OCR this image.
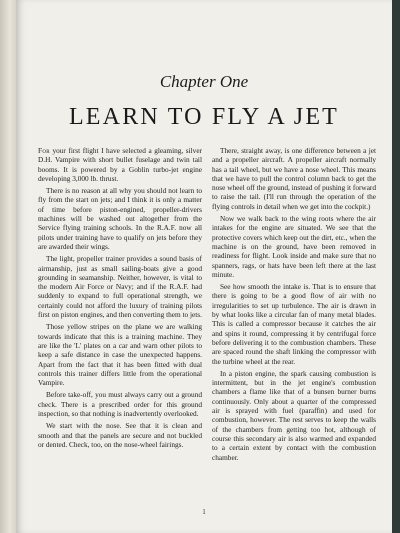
Chapter One
LEARN TO FLY A JET

For your first flight I have selected a gleaming, silver D.H. Vampire with short bullet fuselage and twin tail booms. It is powered by a Goblin turbo-jet engine developing 3,000 lb. thrust.

There is no reason at all why you should not learn to fly from the start on jets; and I think it is only a matter of time before piston-engined, propeller-drivers machines will be washed out altogether from the Service flying training schools. In the R.A.F. now all pilots under training have to qualify on jets before they are awarded their wings.

The light, propeller trainer provides a sound basis of airmanship, just as small sailing-boats give a good grounding in seamanship. Neither, however, is vital to the modern Air Force or Navy; and if the R.A.F. had suddenly to expand to full operational strength, we certainly could not afford the luxury of training pilots first on piston engines, and then converting them to jets.

Those yellow stripes on the plane we are walking towards indicate that this is a training machine. They are like the 'L' plates on a car and warn other pilots to keep a safe distance in case the unexpected happens. Apart from the fact that it has been fitted with dual controls this trainer differs little from the operational Vampire.

Before take-off, you must always carry out a ground check. There is a prescribed order for this ground inspection, so that nothing is inadvertently overlooked.

We start with the nose. See that it is clean and smooth and that the panels are secure and not buckled or dented. Check, too, on the nose-wheel fairings.

There, straight away, is one difference between a jet and a propeller aircraft. A propeller aircraft normally has a tail wheel, but we have a nose wheel. This means that we have to pull the control column back to get the nose wheel off the ground, instead of pushing it forward to raise the tail. (I'll run through the operation of the flying controls in detail when we get into the cockpit.)

Now we walk back to the wing roots where the air intakes for the engine are situated. We see that the protective covers which keep out the dirt, etc., when the machine is on the ground, have been removed in readiness for flight. Look inside and make sure that no spanners, rags, or hats have been left there at the last minute.

See how smooth the intake is. That is to ensure that there is going to be a good flow of air with no irregularities to set up turbulence. The air is drawn in by what looks like a circular fan of many metal blades. This is called a compressor because it catches the air and spins it round, compressing it by centrifugal force before delivering it to the combustion chambers. These are spaced round the shaft linking the compressor with the turbine wheel at the rear.

In a piston engine, the spark causing combustion is intermittent, but in the jet engine's combustion chambers a flame like that of a bunsen burner burns continuously. Only about a quarter of the compressed air is sprayed with fuel (paraffin) and used for combustion, however. The rest serves to keep the walls of the chambers from getting too hot, although of course this secondary air is also warmed and expanded to a certain extent by contact with the combustion chamber.

1
